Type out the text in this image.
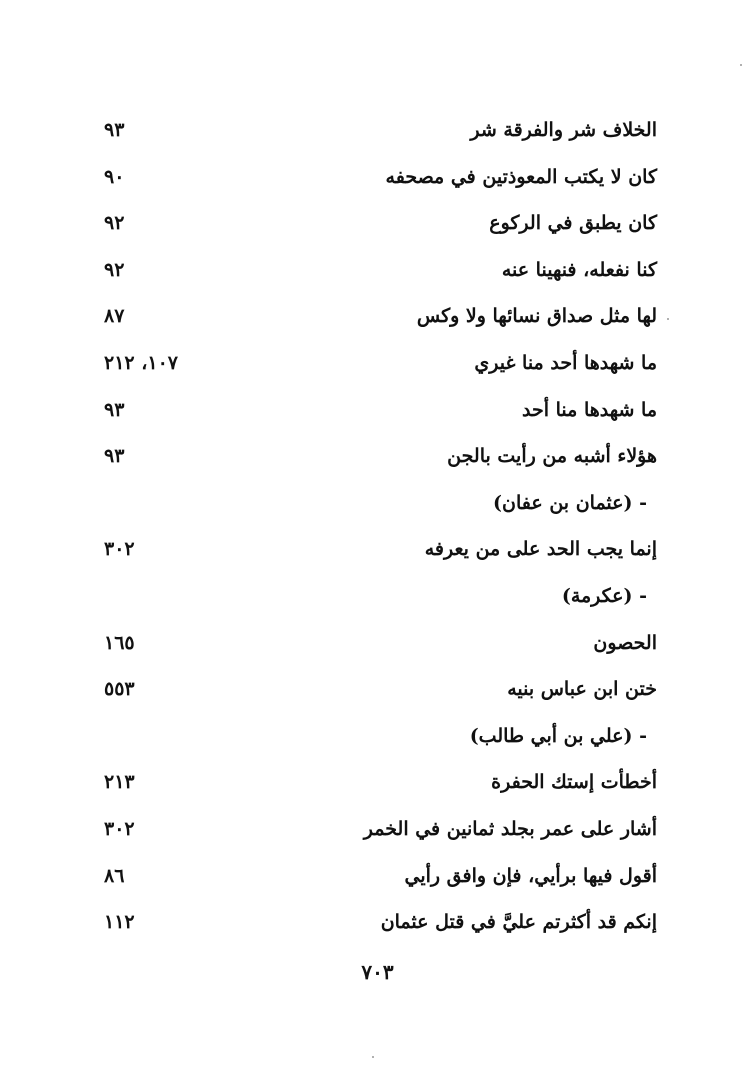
الخلاف شر والفرقة شر
٩٣
كان لا يكتب المعوذتين في مصحفه
٩٠
كان يطبق في الركوع
٩٢
كنا نفعله، فنهينا عنه
٩٢
لها مثل صداق نسائها ولا وكس
٨٧
ما شهدها أحد منا غيري
١٠٧، ٢١٢
ما شهدها منا أحد
٩٣
هؤلاء أشبه من رأيت بالجن
٩٣
- (عثمان بن عفان)
إنما يجب الحد على من يعرفه
٣٠٢
- (عكرمة)
الحصون
١٦٥
ختن ابن عباس بنيه
٥٥٣
- (علي بن أبي طالب)
أخطأت إستك الحفرة
٢١٣
أشار على عمر بجلد ثمانين في الخمر
٣٠٢
أقول فيها برأيي، فإن وافق رأيي
٨٦
إنكم قد أكثرتم عليَّ في قتل عثمان
١١٢
٧٠٣
